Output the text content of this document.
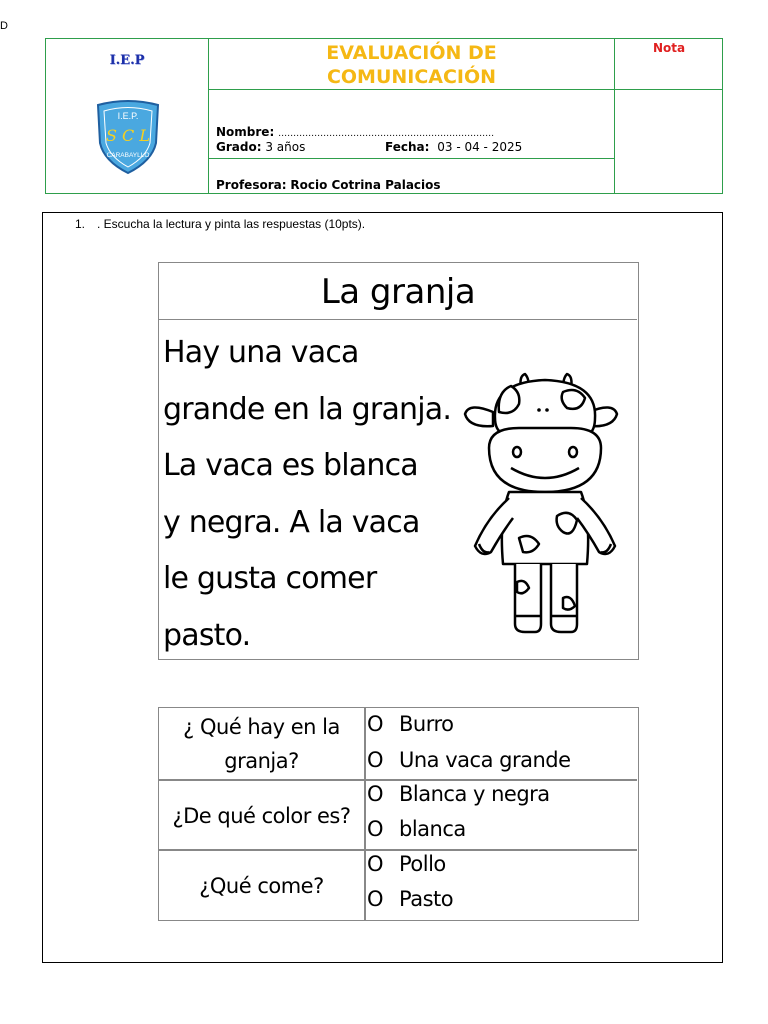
D
I.E.P
I.E.P.
S C L
CARABAYLLO
EVALUACIÓN DE
COMUNICACIÓN
Nota
Nombre: ………………………………………………………………
Grado: 3 años	Fecha: 03 - 04 - 2025
Profesora: Rocio Cotrina Palacios
1. . Escucha la lectura y pinta las respuestas (10pts).
La granja
Hay una vaca
grande en la granja.
La vaca es blanca
y negra. A la vaca
le gusta comer
pasto.
¿ Qué hay en la
granja?
O Burro
O Una vaca grande
¿De qué color es?
O Blanca y negra
O blanca
¿Qué come?
O Pollo
O Pasto
